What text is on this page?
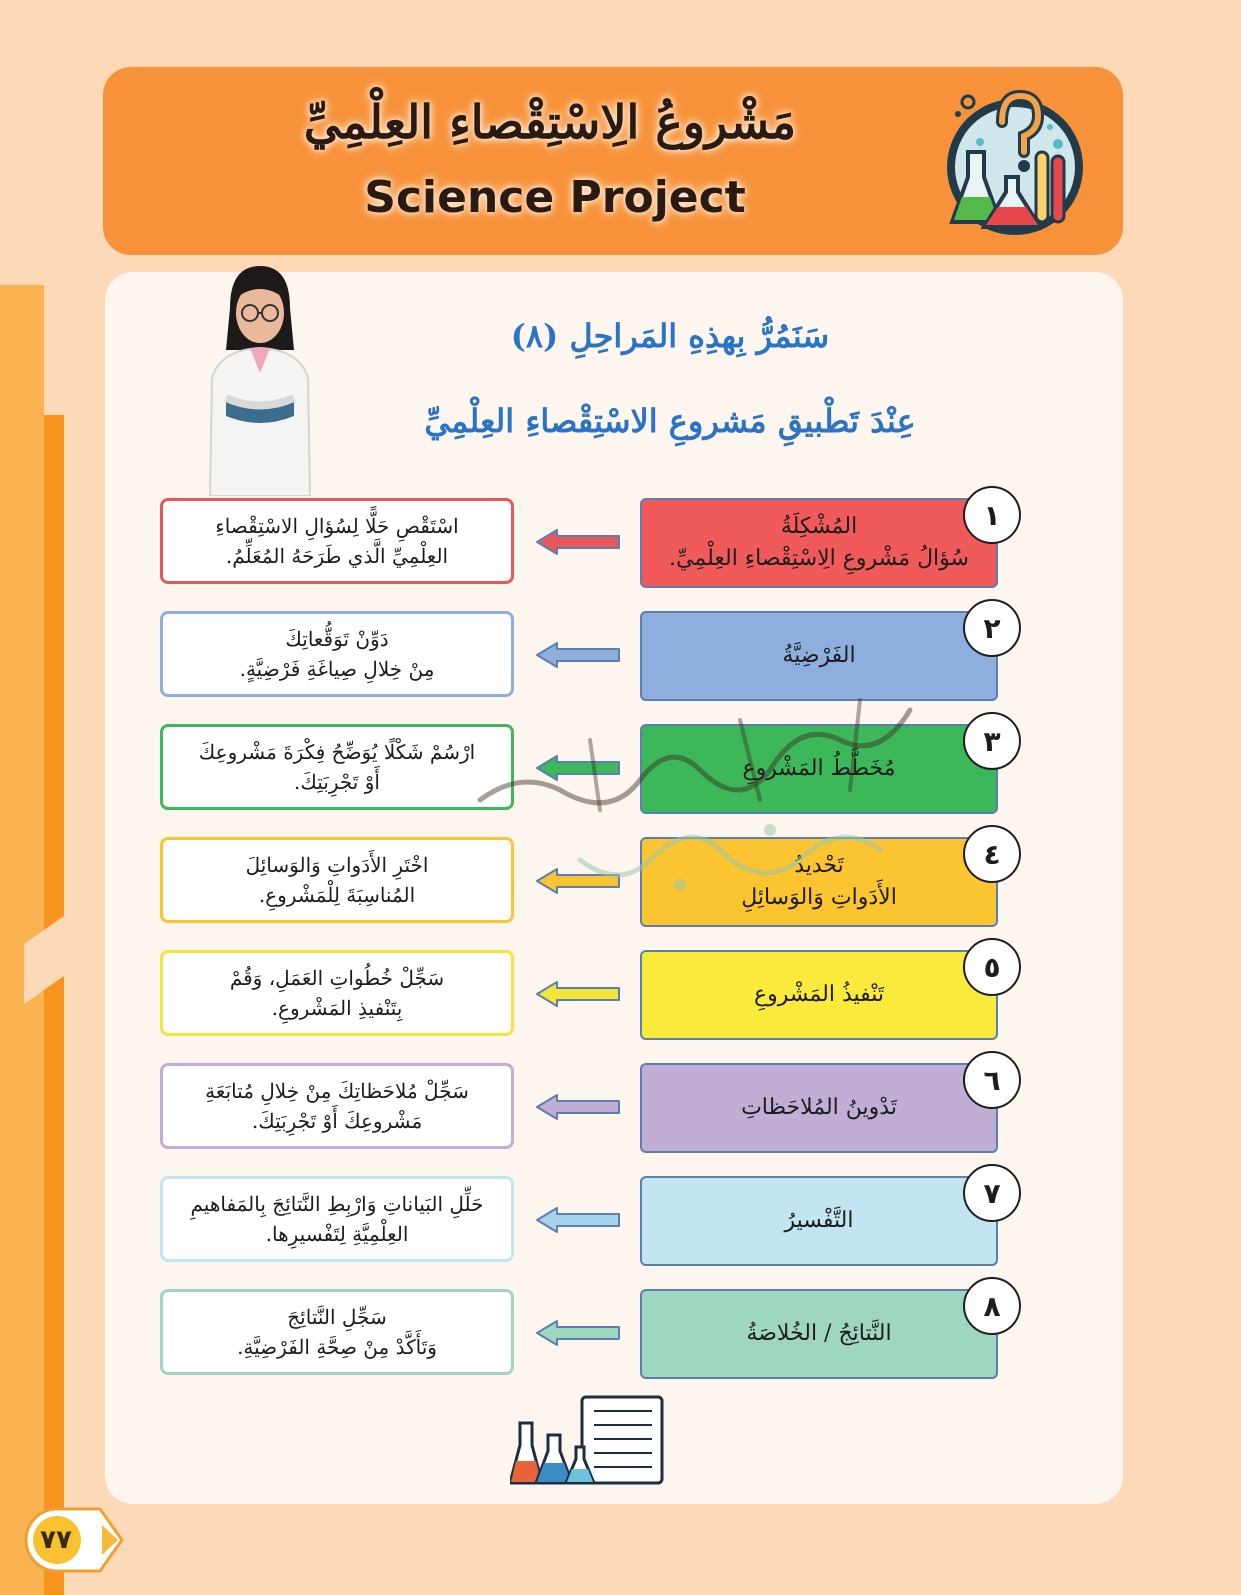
مَشْروعُ الِاسْتِقْصاءِ العِلْمِيِّ
Science Project
سَنَمُرُّ بِهذِهِ المَراحِلِ (٨)
عِنْدَ تَطْبيقِ مَشروعِ الاسْتِقْصاءِ العِلْمِيِّ
اسْتَقْصِ حَلًّا لِسُؤالِ الاسْتِقْصاءِ
العِلْمِيِّ الَّذي طَرَحَهُ المُعَلِّمُ.
المُشْكِلَةُ
سُؤالُ مَشْروعِ الِاسْتِقْصاءِ العِلْمِيِّ.
١
دَوِّنْ تَوَقُّعاتِكَ
مِنْ خِلالِ صِياغَةِ فَرْضِيَّةٍ.
الفَرْضِيَّةُ
٢
ارْسُمْ شَكْلًا يُوَضِّحُ فِكْرَةَ مَشْروعِكَ
أَوْ تَجْرِبَتِكَ.
مُخَطَّطُ المَشْروعِ
٣
اخْتَرِ الأَدَواتِ وَالوَسائِلَ
المُناسِبَةَ لِلْمَشْروعِ.
تَحْديدُ
الأَدَواتِ وَالوَسائِلِ
٤
سَجِّلْ خُطُواتِ العَمَلِ، وَقُمْ
بِتَنْفيذِ المَشْروعِ.
تَنْفيذُ المَشْروعِ
٥
سَجِّلْ مُلاحَظاتِكَ مِنْ خِلالِ مُتابَعَةِ
مَشْروعِكَ أَوْ تَجْرِبَتِكَ.
تَدْوينُ المُلاحَظاتِ
٦
حَلِّلِ البَياناتِ وَارْبِطِ النَّتائِجَ بِالمَفاهيمِ
العِلْمِيَّةِ لِتَفْسيرِها.
التَّفْسيرُ
٧
سَجِّلِ النَّتائِجَ
وَتَأَكَّدْ مِنْ صِحَّةِ الفَرْضِيَّةِ.
النَّتائِجُ / الخُلاصَةُ
٨
٧٧
